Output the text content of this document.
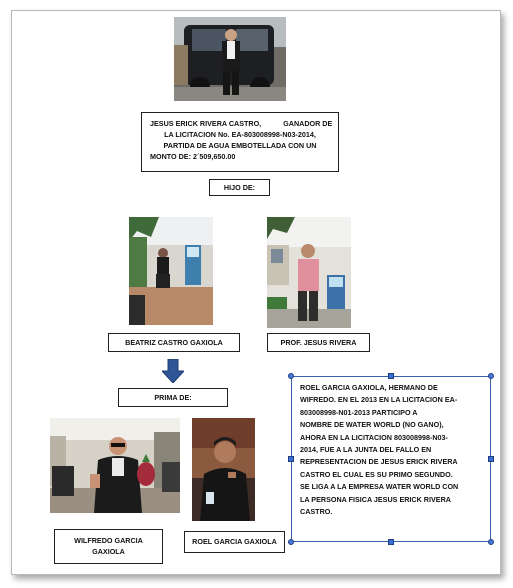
JESUS ERICK RIVERA CASTRO,	GANADOR DE
LA LICITACION No. EA-803008998-N03-2014,
PARTIDA DE AGUA EMBOTELLADA CON UN
MONTO DE: 2´509,650.00
HIJO DE:
BEATRIZ CASTRO GAXIOLA	PROF. JESUS RIVERA
PRIMA DE:
WILFREDO GARCIA
GAXIOLA
ROEL GARCIA GAXIOLA
ROEL GARCIA GAXIOLA, HERMANO DE
WIFREDO. EN EL 2013 EN LA LICITACION EA-
803008998-N01-2013 PARTICIPO A
NOMBRE DE WATER WORLD (NO GANO),
AHORA EN LA LICITACION 803008998-N03-
2014, FUE A LA JUNTA DEL FALLO EN
REPRESENTACION DE JESUS ERICK RIVERA
CASTRO EL CUAL ES SU PRIMO SEGUNDO.
SE LIGA A LA EMPRESA WATER WORLD CON
LA PERSONA FISICA JESUS ERICK RIVERA
CASTRO.
